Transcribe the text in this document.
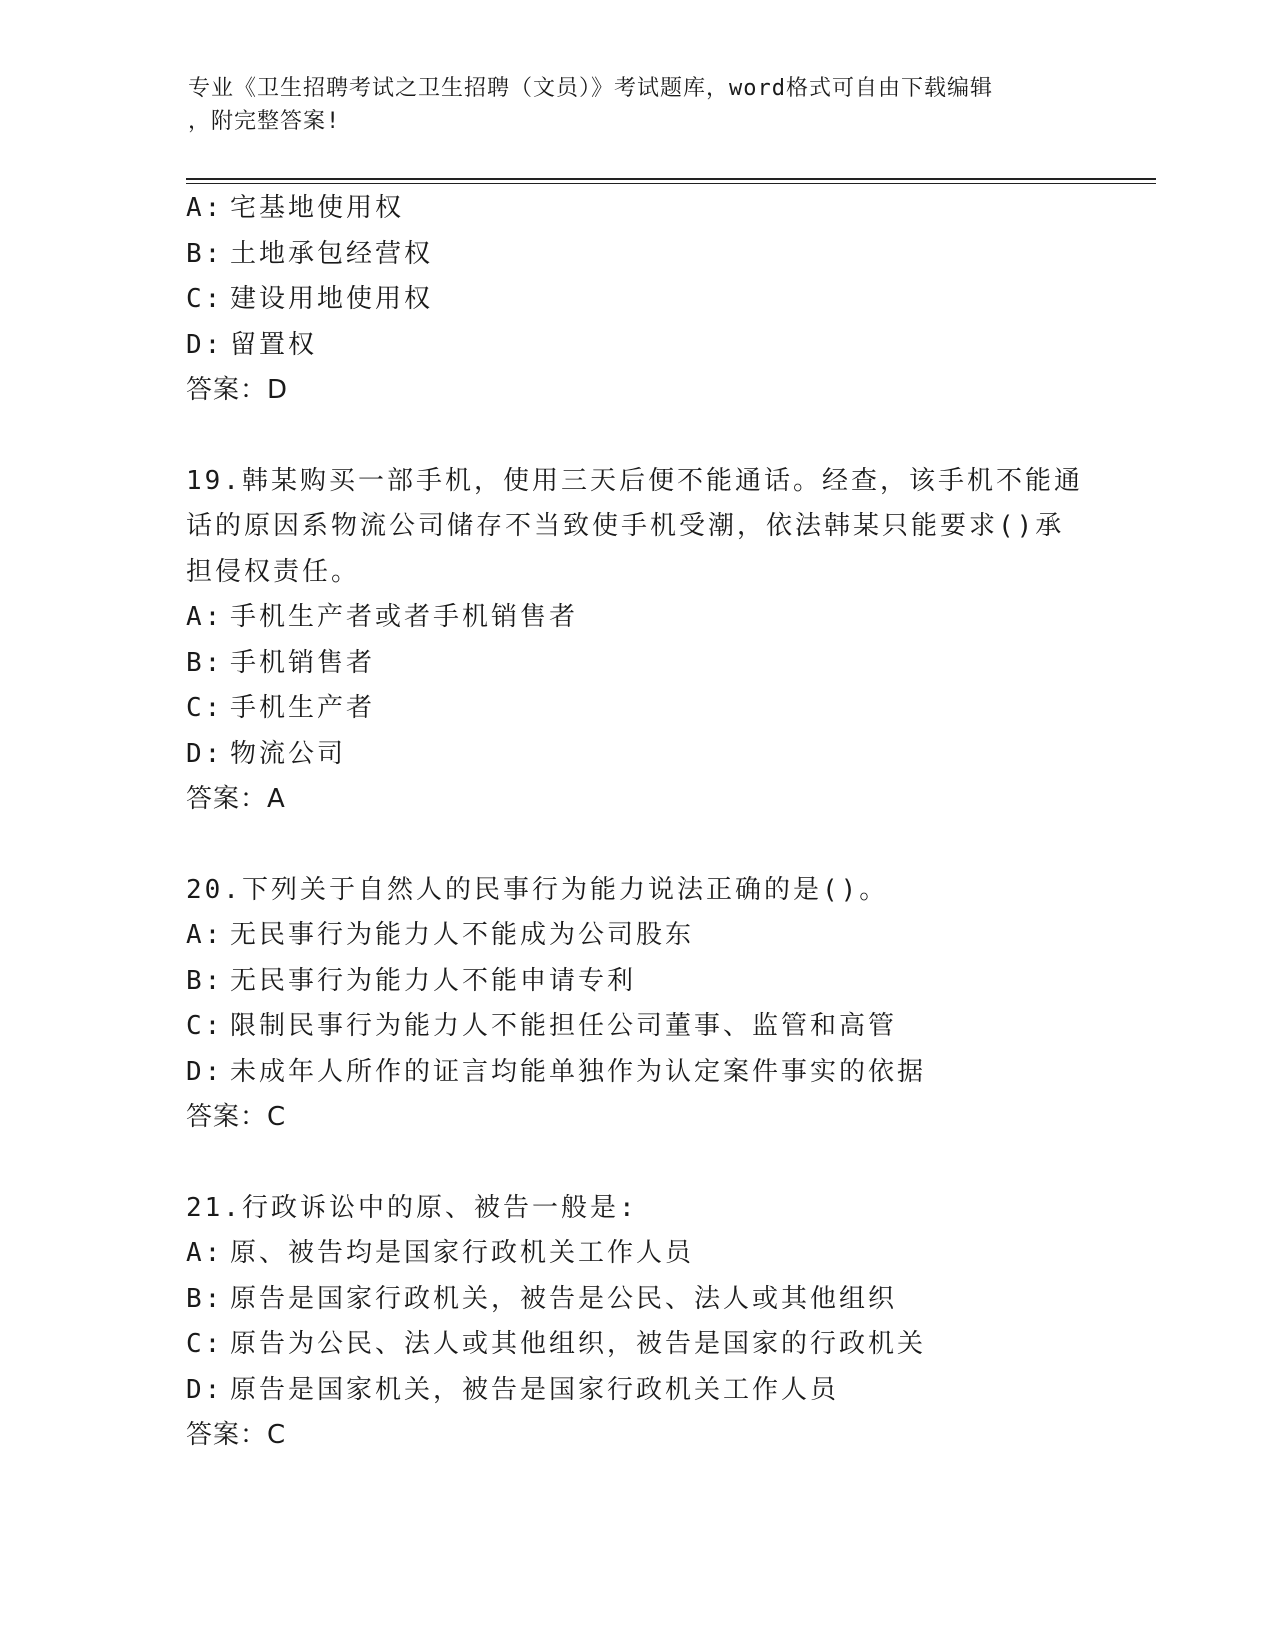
专业《卫生招聘考试之卫生招聘（文员）》考试题库，word格式可自由下载编辑
，附完整答案!
A: 宅基地使用权
B: 土地承包经营权
C: 建设用地使用权
D: 留置权
答案：D
19.韩某购买一部手机，使用三天后便不能通话。经查，该手机不能通
话的原因系物流公司储存不当致使手机受潮，依法韩某只能要求()承
担侵权责任。
A: 手机生产者或者手机销售者
B: 手机销售者
C: 手机生产者
D: 物流公司
答案：A
20.下列关于自然人的民事行为能力说法正确的是()。
A: 无民事行为能力人不能成为公司股东
B: 无民事行为能力人不能申请专利
C: 限制民事行为能力人不能担任公司董事、监管和高管
D: 未成年人所作的证言均能单独作为认定案件事实的依据
答案：C
21.行政诉讼中的原、被告一般是:
A: 原、被告均是国家行政机关工作人员
B: 原告是国家行政机关，被告是公民、法人或其他组织
C: 原告为公民、法人或其他组织，被告是国家的行政机关
D: 原告是国家机关，被告是国家行政机关工作人员
答案：C
